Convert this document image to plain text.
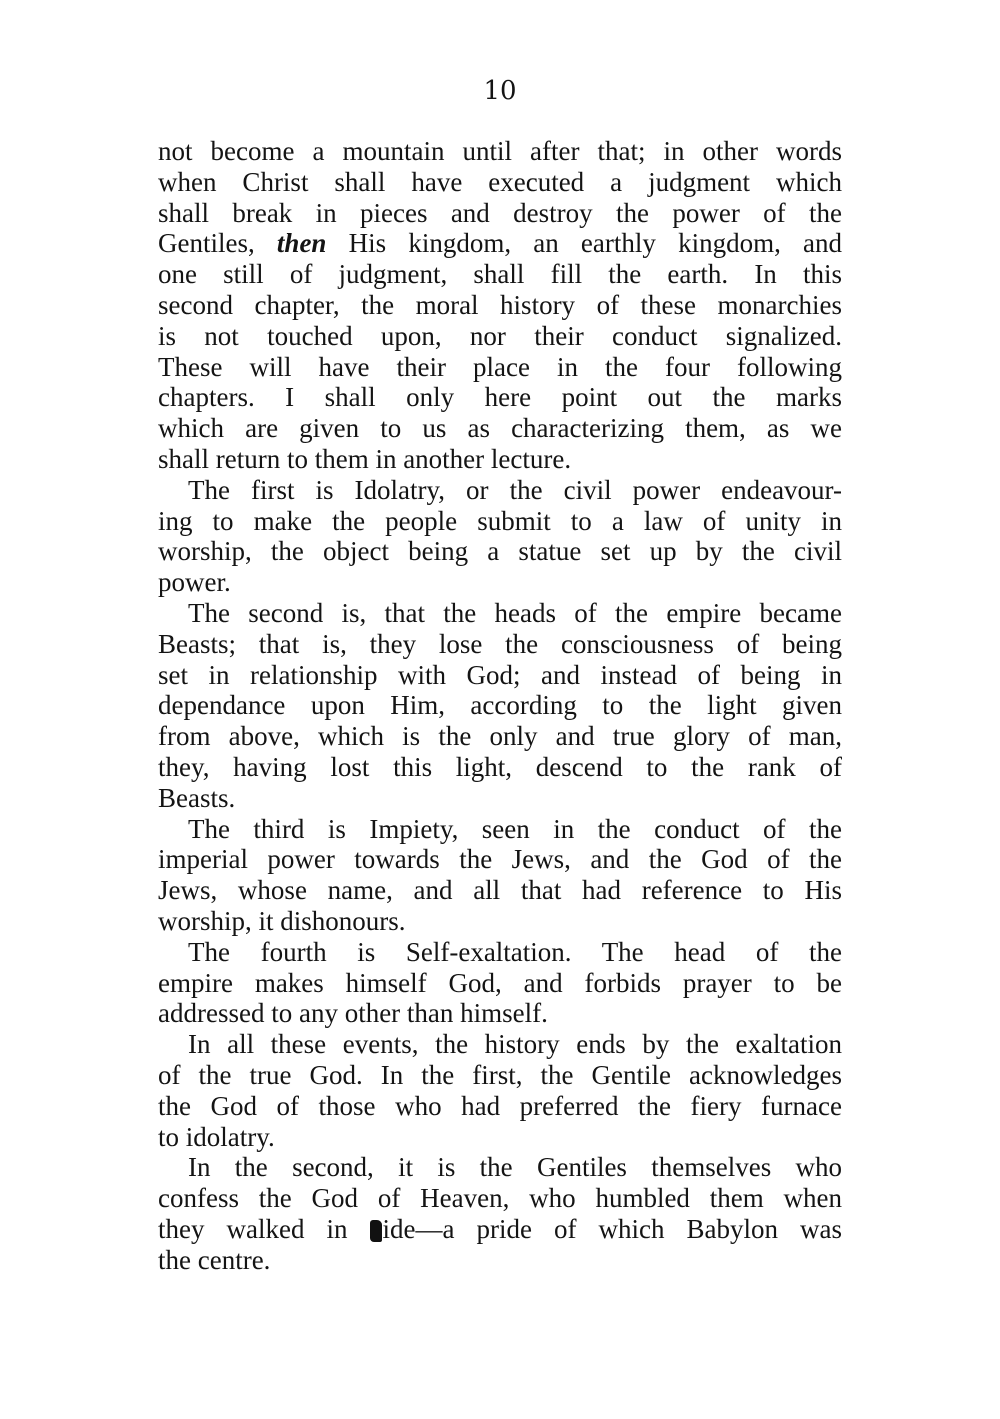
10
not become a mountain until after that; in other words
when Christ shall have executed a judgment which
shall break in pieces and destroy the power of the
Gentiles, then His kingdom, an earthly kingdom, and
one still of judgment, shall fill the earth. In this
second chapter, the moral history of these monarchies
is not touched upon, nor their conduct signalized.
These will have their place in the four following
chapters. I shall only here point out the marks
which are given to us as characterizing them, as we
shall return to them in another lecture.
The first is Idolatry, or the civil power endeavour-
ing to make the people submit to a law of unity in
worship, the object being a statue set up by the civil
power.
The second is, that the heads of the empire became
Beasts; that is, they lose the consciousness of being
set in relationship with God; and instead of being in
dependance upon Him, according to the light given
from above, which is the only and true glory of man,
they, having lost this light, descend to the rank of
Beasts.
The third is Impiety, seen in the conduct of the
imperial power towards the Jews, and the God of the
Jews, whose name, and all that had reference to His
worship, it dishonours.
The fourth is Self-exaltation. The head of the
empire makes himself God, and forbids prayer to be
addressed to any other than himself.
In all these events, the history ends by the exaltation
of the true God. In the first, the Gentile acknowledges
the God of those who had preferred the fiery furnace
to idolatry.
In the second, it is the Gentiles themselves who
confess the God of Heaven, who humbled them when
they walked in ide—a pride of which Babylon was
the centre.
